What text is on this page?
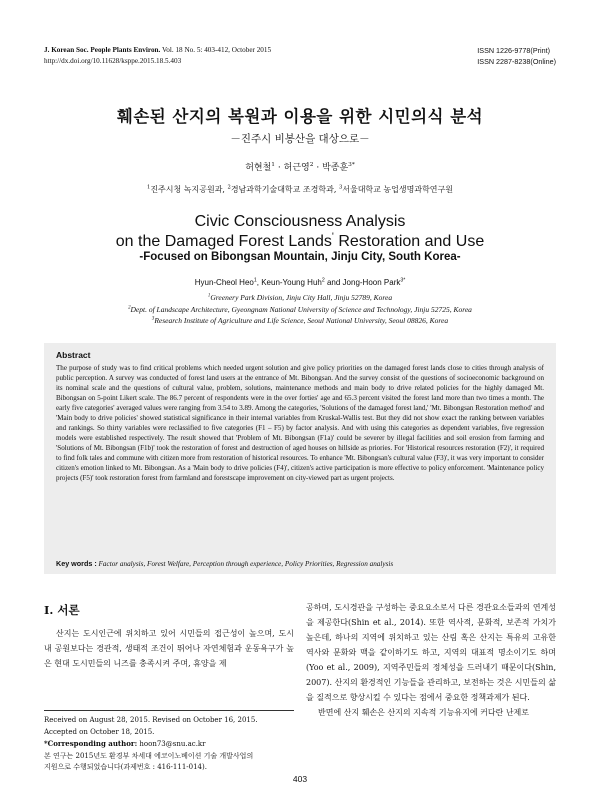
J. Korean Soc. People Plants Environ. Vol. 18 No. 5: 403-412, October 2015
http://dx.doi.org/10.11628/ksppe.2015.18.5.403
ISSN 1226-9778(Print)
ISSN 2287-8238(Online)
훼손된 산지의 복원과 이용을 위한 시민의식 분석
－진주시 비봉산을 대상으로－
허현철$^1$ · 허근영$^2$ · 박종훈$^{3*}$
$^1$진주시청 녹지공원과, $^2$경남과학기술대학교 조경학과, $^3$서울대학교 농업생명과학연구원
Civic Consciousness Analysis
on the Damaged Forest Lands' Restoration and Use
-Focused on Bibongsan Mountain, Jinju City, South Korea-
Hyun-Cheol Heo$^1$, Keun-Young Huh$^2$ and Jong-Hoon Park$^{3*}$
$^1$Greenery Park Division, Jinju City Hall, Jinju 52789, Korea
$^2$Dept. of Landscape Architecture, Gyeongnam National University of Science and Technology, Jinju 52725, Korea
$^3$Research Institute of Agriculture and Life Science, Seoul National University, Seoul 08826, Korea
Abstract
The purpose of study was to find critical problems which needed urgent solution and give policy priorities on the damaged forest lands close to cities through analysis of public perception. A survey was conducted of forest land users at the entrance of Mt. Bibongsan. And the survey consist of the questions of socioeconomic background on its nominal scale and the questions of cultural value, problem, solutions, maintenance methods and main body to drive related policies for the highly damaged Mt. Bibongsan on 5-point Likert scale. The 86.7 percent of respondents were in the over forties' age and 65.3 percent visited the forest land more than two times a month. The early five categories' averaged values were ranging from 3.54 to 3.89. Among the categories, 'Solutions of the damaged forest land,' 'Mt. Bibongsan Restoration method' and 'Main body to drive policies' showed statistical significance in their internal variables from Kruskal-Wallis test. But they did not show exact the ranking between variables and rankings. So thirty variables were reclassified to five categories (F1 – F5) by factor analysis. And with using this categories as dependent variables, five regression models were established respectively. The result showed that 'Problem of Mt. Bibongsan (F1a)' could be severer by illegal facilities and soil erosion from farming and 'Solutions of Mt. Bibongsan (F1b)' took the restoration of forest and destruction of aged houses on hillside as priories. For 'Historical resources restoration (F2)', it required to find folk tales and commune with citizen more from restoration of historical resources. To enhance 'Mt. Bibongsan's cultural value (F3)', it was very important to consider citizen's emotion linked to Mt. Bibongsan. As a 'Main body to drive policies (F4)', citizen's active participation is more effective to policy enforcement. 'Maintenance policy projects (F5)' took restoration forest from farmland and forestscape improvement on city-viewed part as urgent projects.
Key words : Factor analysis, Forest Welfare, Perception through experience, Policy Priorities, Regression analysis
I. 서론

산지는 도시인근에 위치하고 있어 시민들의 접근성이 높으며, 도시 내 공원보다는 경관적, 생태적 조건이 뛰어나 자연체험과 운동욕구가 높은 현대 도시민들의 니즈를 충족시켜 주며, 휴양을 제

Received on August 28, 2015. Revised on October 16, 2015.
Accepted on October 18, 2015.
*Corresponding author: hoon73@snu.ac.kr
본 연구는 2015년도 환경부 차세대 에코이노베이션 기술 개발사업의
지원으로 수행되었습니다(과제번호 : 416-111-014).

공하며, 도시경관을 구성하는 중요요소로서 다른 경관요소들과의 연계성을 제공한다(Shin et al., 2014). 또한 역사적, 문화적, 보존적 가치가 높은데, 하나의 지역에 위치하고 있는 산림 혹은 산지는 특유의 고유한 역사와 문화와 맥을 같이하기도 하고, 지역의 대표적 명소이기도 하며(Yoo et al., 2009), 지역주민들의 정체성을 드러내기 때문이다(Shin, 2007). 산지의 환경적인 기능들을 관리하고, 보전하는 것은 시민들의 삶을 질적으로 향상시킬 수 있다는 점에서 중요한 정책과제가 된다.

반면에 산지 훼손은 산지의 지속적 기능유지에 커다란 난제로

403
